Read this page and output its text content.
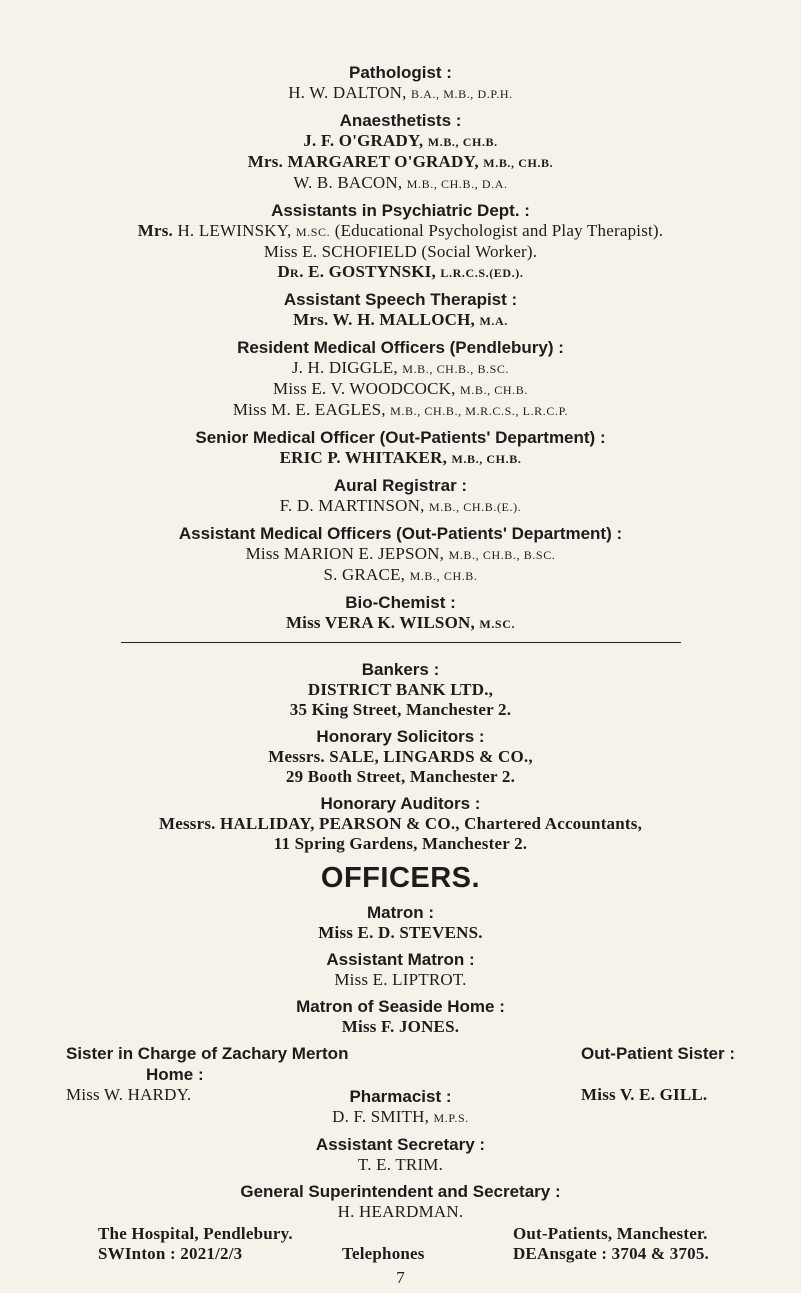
Pathologist :
H. W. DALTON, B.A., M.B., D.P.H.
Anaesthetists :
J. F. O'GRADY, M.B., CH.B.
Mrs. MARGARET O'GRADY, M.B., CH.B.
W. B. BACON, M.B., CH.B., D.A.
Assistants in Psychiatric Dept. :
Mrs. H. LEWINSKY, M.SC. (Educational Psychologist and Play Therapist).
Miss E. SCHOFIELD (Social Worker).
DR. E. GOSTYNSKI, L.R.C.S.(ED.).
Assistant Speech Therapist :
Mrs. W. H. MALLOCH, M.A.
Resident Medical Officers (Pendlebury) :
J. H. DIGGLE, M.B., CH.B., B.SC.
Miss E. V. WOODCOCK, M.B., CH.B.
Miss M. E. EAGLES, M.B., CH.B., M.R.C.S., L.R.C.P.
Senior Medical Officer (Out-Patients' Department) :
ERIC P. WHITAKER, M.B., CH.B.
Aural Registrar :
F. D. MARTINSON, M.B., CH.B.(E.).
Assistant Medical Officers (Out-Patients' Department) :
Miss MARION E. JEPSON, M.B., CH.B., B.SC.
S. GRACE, M.B., CH.B.
Bio-Chemist :
Miss VERA K. WILSON, M.SC.
Bankers :
DISTRICT BANK LTD.,
35 King Street, Manchester 2.
Honorary Solicitors :
Messrs. SALE, LINGARDS & CO.,
29 Booth Street, Manchester 2.
Honorary Auditors :
Messrs. HALLIDAY, PEARSON & CO., Chartered Accountants,
11 Spring Gardens, Manchester 2.
OFFICERS.
Matron :
Miss E. D. STEVENS.
Assistant Matron :
Miss E. LIPTROT.
Matron of Seaside Home :
Miss F. JONES.
Sister in Charge of Zachary Merton
Home :
Miss W. HARDY.
Out-Patient Sister :
Miss V. E. GILL.
Pharmacist :
D. F. SMITH, M.P.S.
Assistant Secretary :
T. E. TRIM.
General Superintendent and Secretary :
H. HEARDMAN.
The Hospital, Pendlebury.
SWInton : 2021/2/3	Telephones
Out-Patients, Manchester.
DEAnsgate : 3704 & 3705.
7
